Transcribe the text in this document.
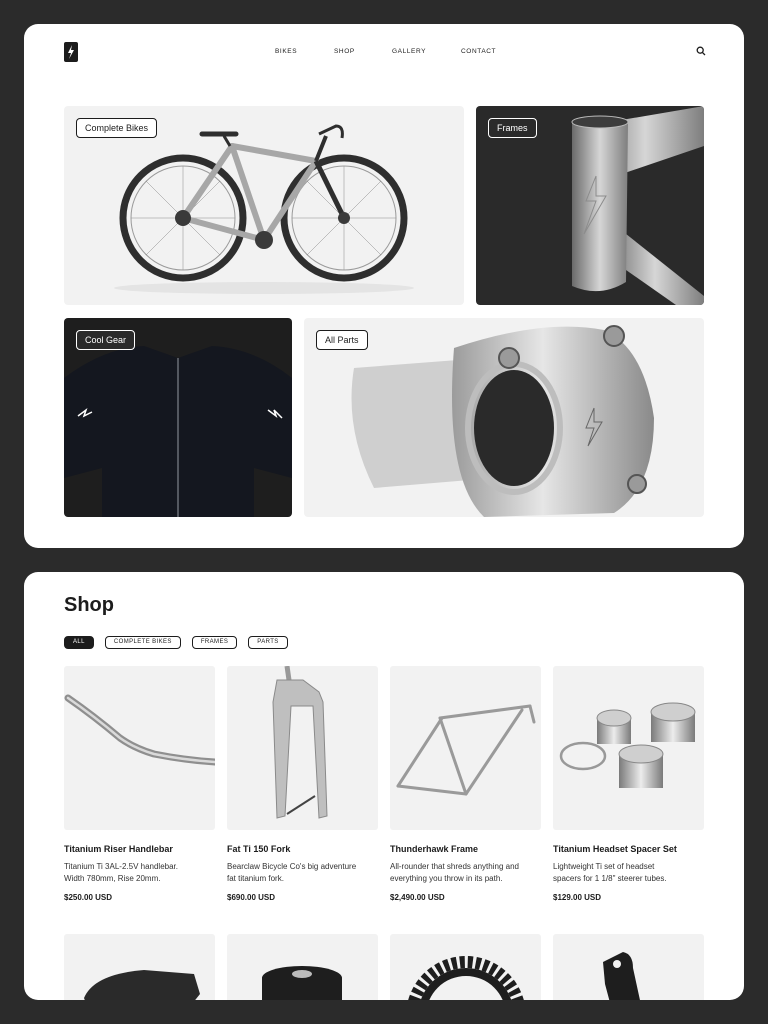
BIKES	SHOP	GALLERY	CONTACT
Complete Bikes	Frames
Cool Gear	All Parts
Shop
ALL	COMPLETE BIKES	FRAMES	PARTS
Titanium Riser Handlebar
Titanium Ti 3AL-2.5V handlebar.
Width 780mm, Rise 20mm.
$250.00 USD
Fat Ti 150 Fork
Bearclaw Bicycle Co's big adventure
fat titanium fork.
$690.00 USD
Thunderhawk Frame
All-rounder that shreds anything and
everything you throw in its path.
$2,490.00 USD
Titanium Headset Spacer Set
Lightweight Ti set of headset
spacers for 1 1/8" steerer tubes.
$129.00 USD
